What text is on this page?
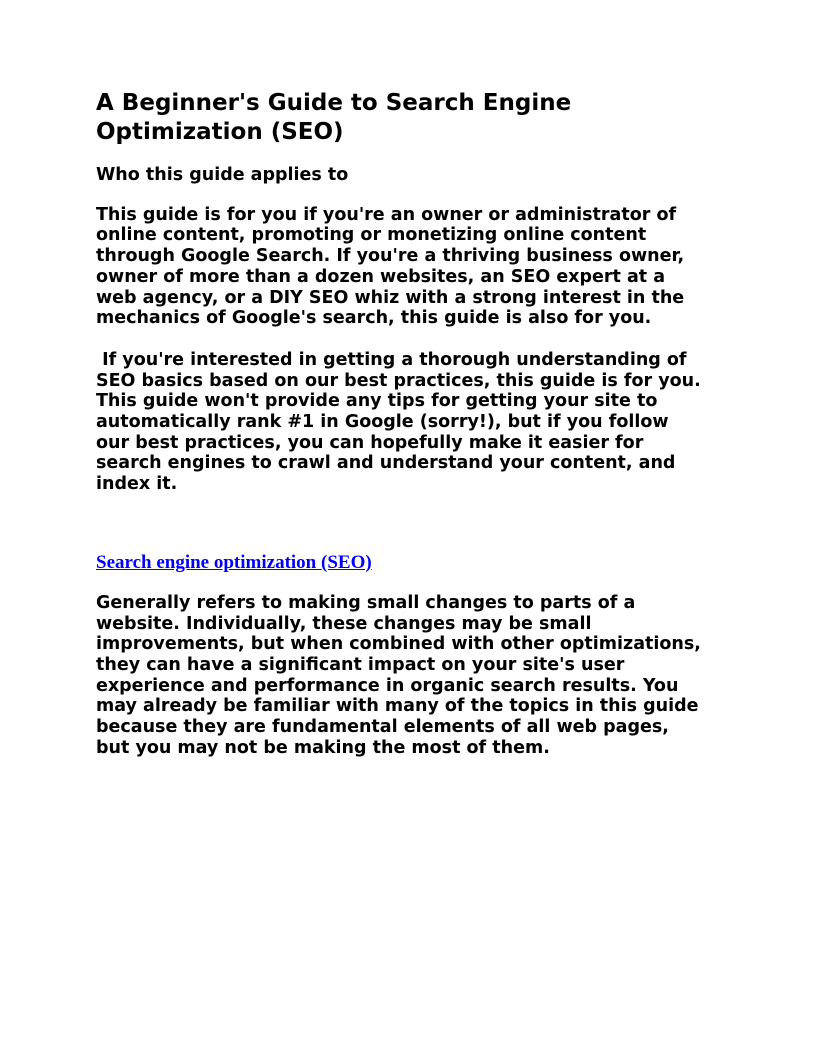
A Beginner's Guide to Search Engine
Optimization (SEO)
Who this guide applies to
This guide is for you if you're an owner or administrator of
online content, promoting or monetizing online content
through Google Search. If you're a thriving business owner,
owner of more than a dozen websites, an SEO expert at a
web agency, or a DIY SEO whiz with a strong interest in the
mechanics of Google's search, this guide is also for you.
If you're interested in getting a thorough understanding of
SEO basics based on our best practices, this guide is for you.
This guide won't provide any tips for getting your site to
automatically rank #1 in Google (sorry!), but if you follow
our best practices, you can hopefully make it easier for
search engines to crawl and understand your content, and
index it.
Search engine optimization (SEO)
Generally refers to making small changes to parts of a
website. Individually, these changes may be small
improvements, but when combined with other optimizations,
they can have a significant impact on your site's user
experience and performance in organic search results. You
may already be familiar with many of the topics in this guide
because they are fundamental elements of all web pages,
but you may not be making the most of them.
